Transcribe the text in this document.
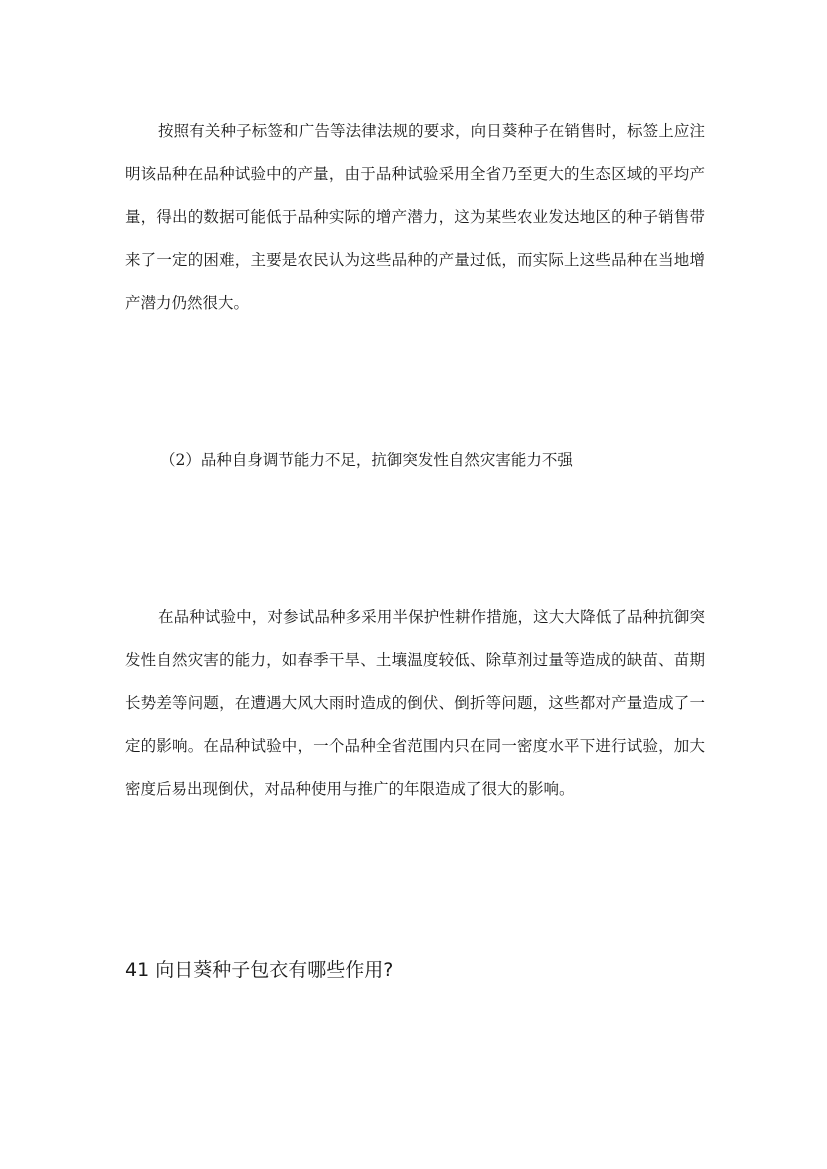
按照有关种子标签和广告等法律法规的要求，向日葵种子在销售时，标签上应注明该品种在品种试验中的产量，由于品种试验采用全省乃至更大的生态区域的平均产量，得出的数据可能低于品种实际的增产潜力，这为某些农业发达地区的种子销售带来了一定的困难，主要是农民认为这些品种的产量过低，而实际上这些品种在当地增产潜力仍然很大。

（2）品种自身调节能力不足，抗御突发性自然灾害能力不强

在品种试验中，对参试品种多采用半保护性耕作措施，这大大降低了品种抗御突发性自然灾害的能力，如春季干旱、土壤温度较低、除草剂过量等造成的缺苗、苗期长势差等问题，在遭遇大风大雨时造成的倒伏、倒折等问题，这些都对产量造成了一定的影响。在品种试验中，一个品种全省范围内只在同一密度水平下进行试验，加大密度后易出现倒伏，对品种使用与推广的年限造成了很大的影响。

41 向日葵种子包衣有哪些作用?
